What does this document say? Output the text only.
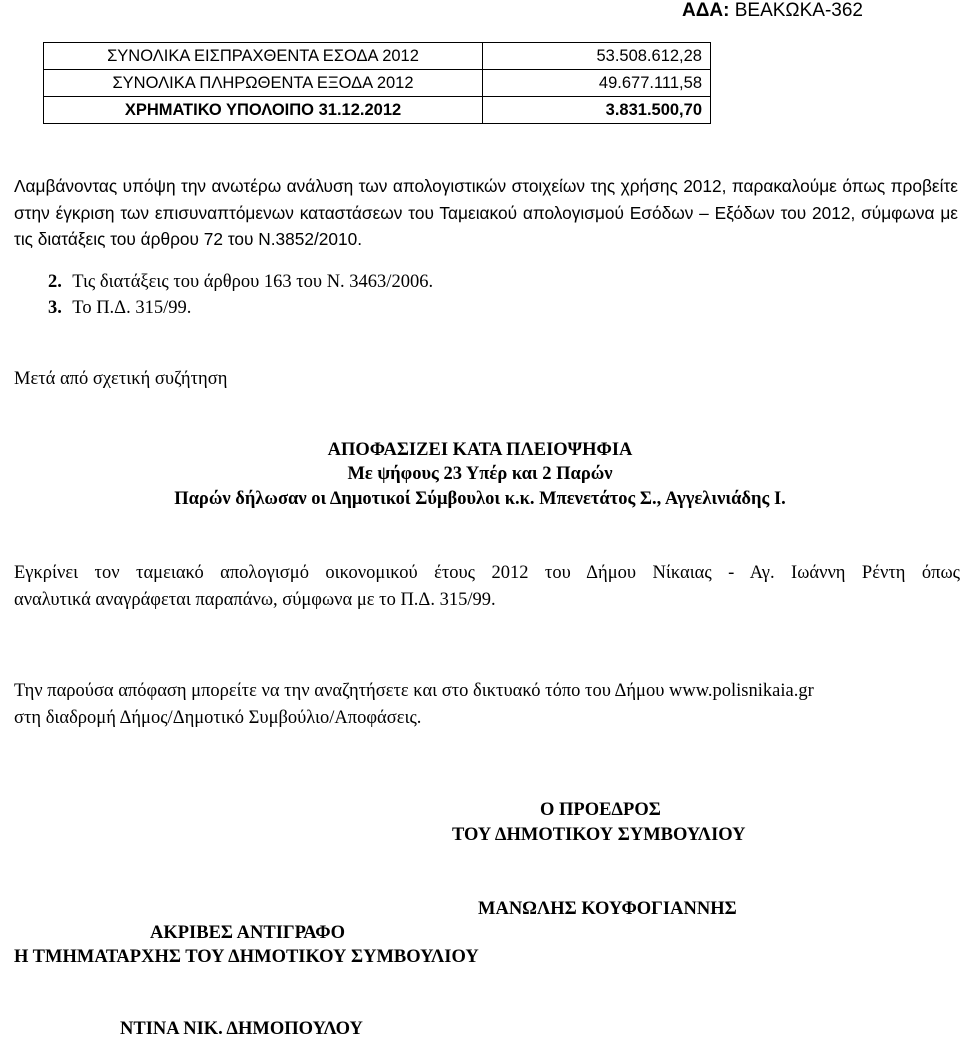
ΑΔΑ: ΒΕΑΚΩΚΑ-362
ΣΥΝΟΛΙΚΑ ΕΙΣΠΡΑΧΘΕΝΤΑ ΕΣΟΔΑ 2012	53.508.612,28
ΣΥΝΟΛΙΚΑ ΠΛΗΡΩΘΕΝΤΑ ΕΞΟΔΑ 2012	49.677.111,58
ΧΡΗΜΑΤΙΚΟ ΥΠΟΛΟΙΠΟ 31.12.2012	3.831.500,70
Λαμβάνοντας υπόψη την ανωτέρω ανάλυση των απολογιστικών στοιχείων της χρήσης 2012, παρακαλούμε όπως προβείτε στην έγκριση των επισυναπτόμενων καταστάσεων του Ταμειακού απολογισμού Εσόδων – Εξόδων του 2012, σύμφωνα με τις διατάξεις του άρθρου 72 του Ν.3852/2010.
2. Τις διατάξεις του άρθρου 163 του Ν. 3463/2006.
3. Το Π.Δ. 315/99.
Μετά από σχετική συζήτηση
ΑΠΟΦΑΣΙΖΕΙ ΚΑΤΑ ΠΛΕΙΟΨΗΦΙΑ
Με ψήφους 23 Υπέρ και 2 Παρών
Παρών δήλωσαν οι Δημοτικοί Σύμβουλοι κ.κ. Μπενετάτος Σ., Αγγελινιάδης Ι.
Εγκρίνει τον ταμειακό απολογισμό οικονομικού έτους 2012 του Δήμου Νίκαιας - Αγ. Ιωάννη Ρέντη όπως
αναλυτικά αναγράφεται παραπάνω, σύμφωνα με το Π.Δ. 315/99.
Την παρούσα απόφαση μπορείτε να την αναζητήσετε και στο δικτυακό τόπο του Δήμου www.polisnikaia.gr
στη διαδρομή Δήμος/Δημοτικό Συμβούλιο/Αποφάσεις.
Ο ΠΡΟΕΔΡΟΣ
ΤΟΥ ΔΗΜΟΤΙΚΟΥ ΣΥΜΒΟΥΛΙΟΥ
ΜΑΝΩΛΗΣ ΚΟΥΦΟΓΙΑΝΝΗΣ
ΑΚΡΙΒΕΣ ΑΝΤΙΓΡΑΦΟ
Η ΤΜΗΜΑΤΑΡΧΗΣ ΤΟΥ ΔΗΜΟΤΙΚΟΥ ΣΥΜΒΟΥΛΙΟΥ
ΝΤΙΝΑ ΝΙΚ. ΔΗΜΟΠΟΥΛΟΥ
